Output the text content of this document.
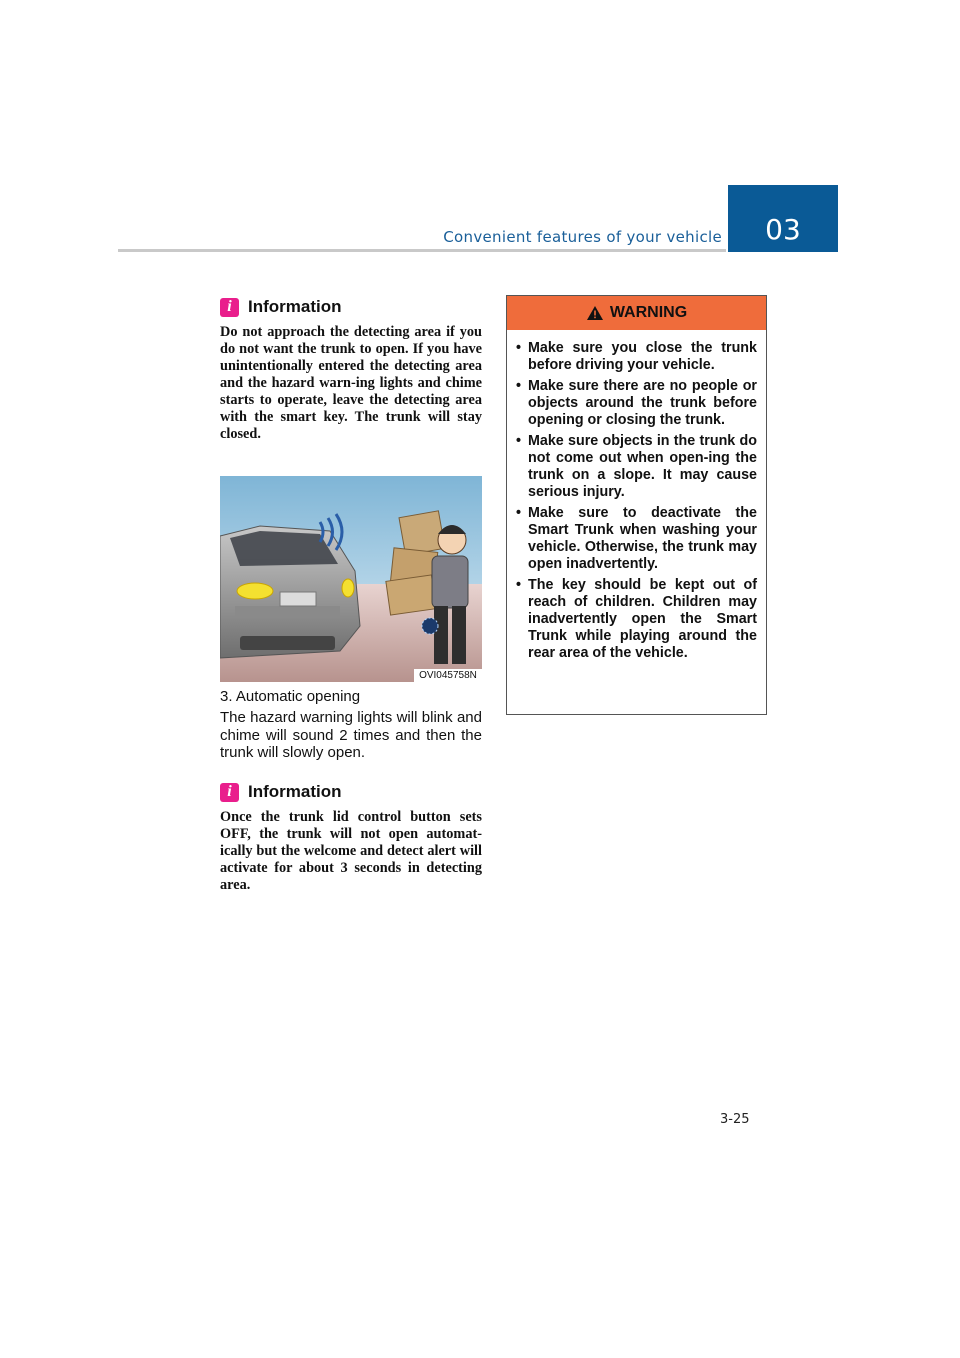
Convenient features of your vehicle 03
i Information
Do not approach the detecting area if you do not want the trunk to open. If you have unintentionally entered the detecting area and the hazard warn-ing lights and chime starts to operate, leave the detecting area with the smart key. The trunk will stay closed.
OVI045758N
3. Automatic opening
The hazard warning lights will blink and chime will sound 2 times and then the trunk will slowly open.
i Information
Once the trunk lid control button sets OFF, the trunk will not open automat-ically but the welcome and detect alert will activate for about 3 seconds in detecting area.
WARNING
• Make sure you close the trunk before driving your vehicle.
• Make sure there are no people or objects around the trunk before opening or closing the trunk.
• Make sure objects in the trunk do not come out when open-ing the trunk on a slope. It may cause serious injury.
• Make sure to deactivate the Smart Trunk when washing your vehicle. Otherwise, the trunk may open inadvertently.
• The key should be kept out of reach of children. Children may inadvertently open the Smart Trunk while playing around the rear area of the vehicle.
3-25
